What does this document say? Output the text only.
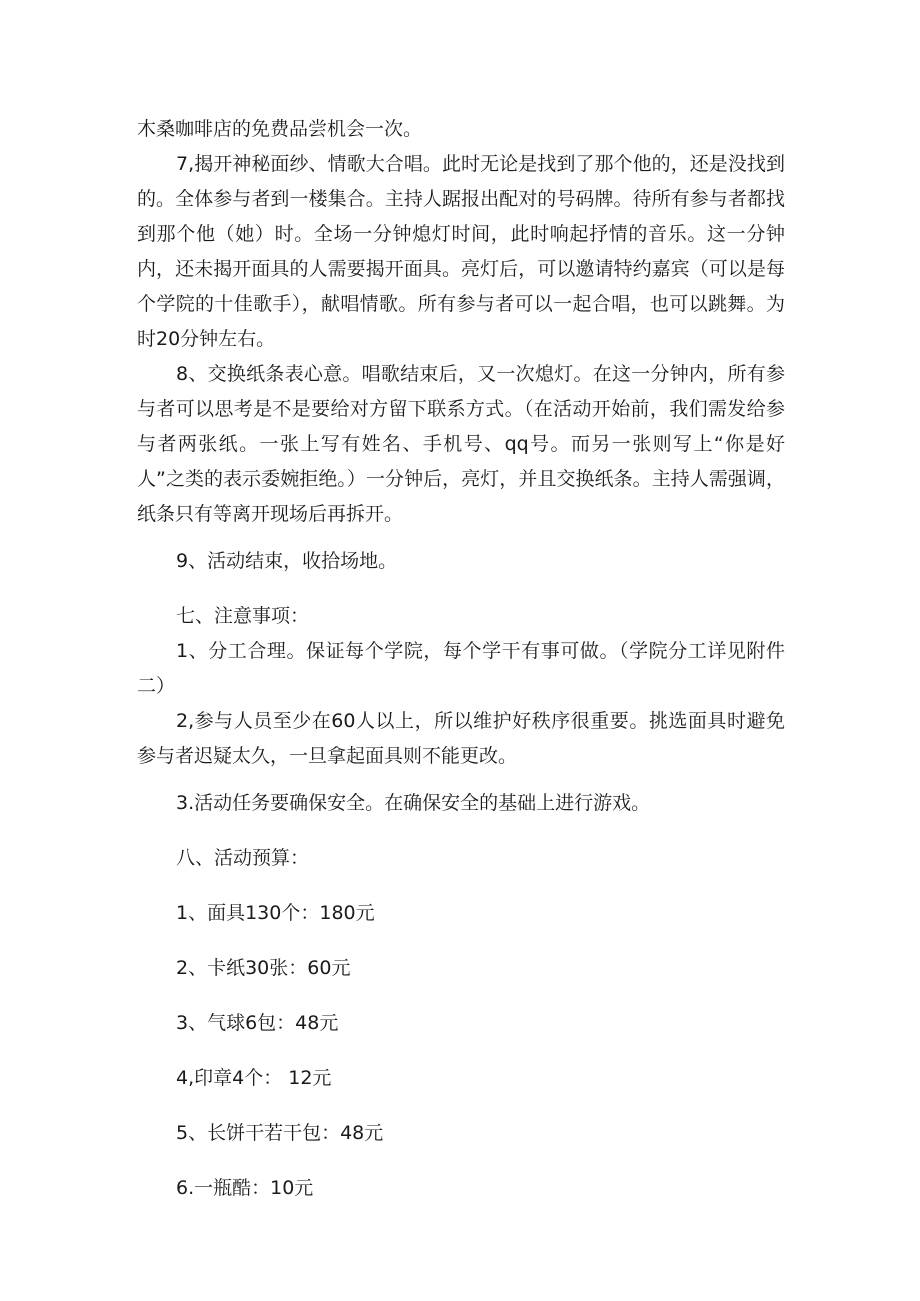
木桑咖啡店的免费品尝机会一次。

7,揭开神秘面纱、情歌大合唱。此时无论是找到了那个他的，还是没找到的。全体参与者到一楼集合。主持人踞报出配对的号码牌。待所有参与者都找到那个他（她）时。全场一分钟熄灯时间，此时响起抒情的音乐。这一分钟内，还未揭开面具的人需要揭开面具。亮灯后，可以邀请特约嘉宾（可以是每个学院的十佳歌手），献唱情歌。所有参与者可以一起合唱，也可以跳舞。为时20分钟左右。

8、交换纸条表心意。唱歌结束后，又一次熄灯。在这一分钟内，所有参与者可以思考是不是要给对方留下联系方式。（在活动开始前，我们需发给参与者两张纸。一张上写有姓名、手机号、qq号。而另一张则写上“你是好人”之类的表示委婉拒绝。）一分钟后，亮灯，并且交换纸条。主持人需强调，纸条只有等离开现场后再拆开。

9、活动结束，收拾场地。

七、注意事项：

1、分工合理。保证每个学院，每个学干有事可做。（学院分工详见附件二）

2,参与人员至少在60人以上，所以维护好秩序很重要。挑选面具时避免参与者迟疑太久，一旦拿起面具则不能更改。

3.活动任务要确保安全。在确保安全的基础上进行游戏。

八、活动预算：

1、面具130个：180元

2、卡纸30张：60元

3、气球6包：48元

4,印章4个： 12元

5、长饼干若干包：48元

6.一瓶酷：10元
